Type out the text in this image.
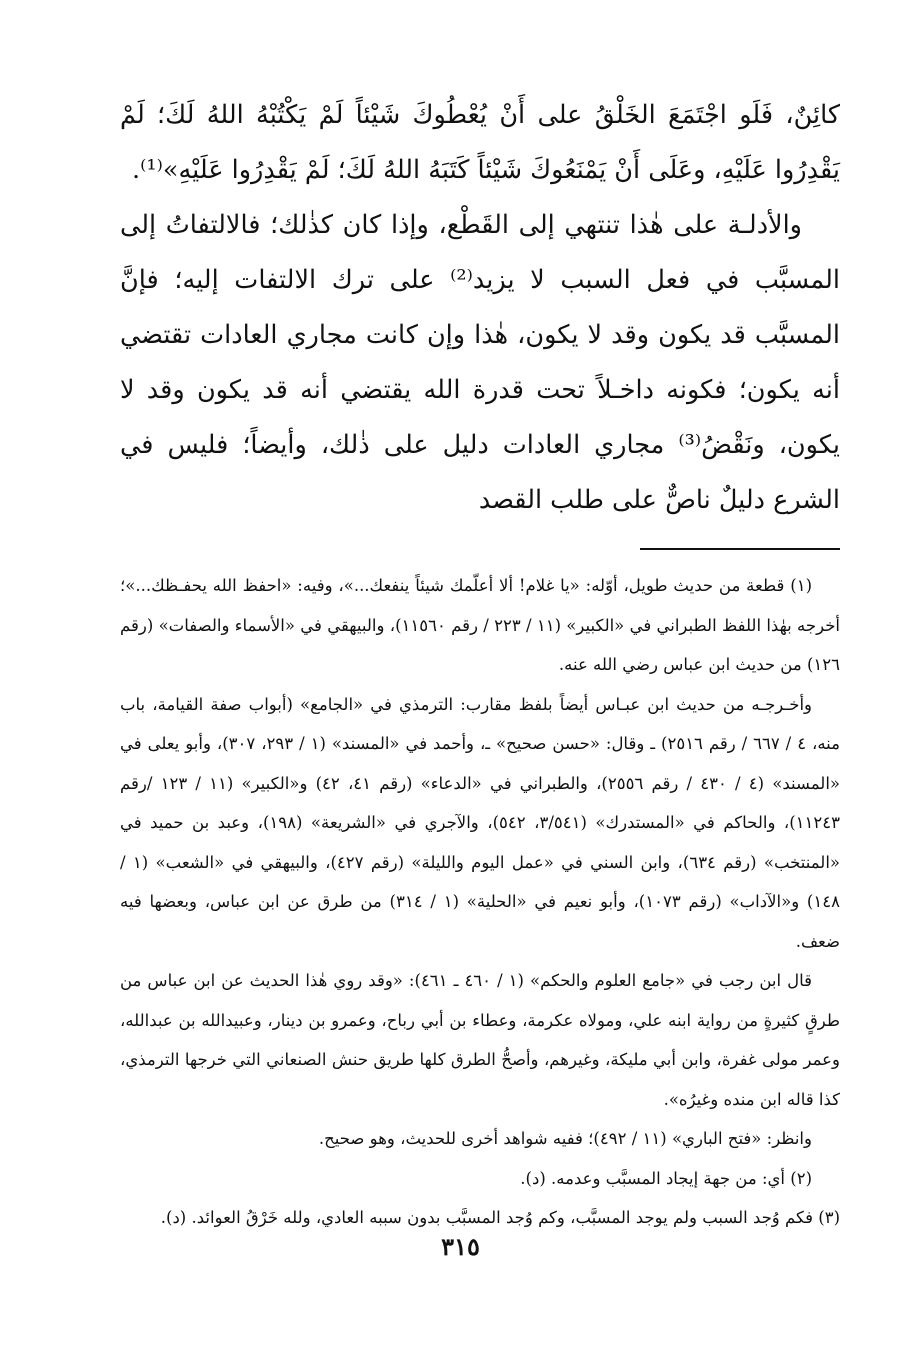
كائِنٌ، فَلَو اجْتَمَعَ الخَلْقُ على أَنْ يُعْطُوكَ شَيْئاً لَمْ يَكْتُبْهُ اللهُ لَكَ؛ لَمْ يَقْدِرُوا عَلَيْهِ، وعَلَى أَنْ يَمْنَعُوكَ شَيْئاً كَتَبَهُ اللهُ لَكَ؛ لَمْ يَقْدِرُوا عَلَيْهِ»⁽¹⁾.

والأدلـة على هٰذا تنتهي إلى القَطْع، وإذا كان كذٰلك؛ فالالتفاتُ إلى المسبَّب في فعل السبب لا يزيد⁽²⁾ على ترك الالتفات إليه؛ فإنَّ المسبَّب قد يكون وقد لا يكون، هٰذا وإن كانت مجاري العادات تقتضي أنه يكون؛ فكونه داخـلاً تحت قدرة الله يقتضي أنه قد يكون وقد لا يكون، ونَقْضُ⁽³⁾ مجاري العادات دليل على ذٰلك، وأيضاً؛ فليس في الشرع دليلٌ ناصٌّ على طلب القصد

(١) قطعة من حديث طويل، أوّله: «يا غلام! ألا أعلّمك شيئاً ينفعك...»، وفيه: «احفظ الله يحفـظك...»؛ أخرجه بهٰذا اللفظ الطبراني في «الكبير» (١١ / ٢٢٣ / رقم ١١٥٦٠)، والبيهقي في «الأسماء والصفات» (رقم ١٢٦) من حديث ابن عباس رضي الله عنه.

وأخـرجـه من حديث ابن عبـاس أيضاً بلفظ مقارب: الترمذي في «الجامع» (أبواب صفة القيامة، باب منه، ٤ / ٦٦٧ / رقم ٢٥١٦) ـ وقال: «حسن صحيح» ـ، وأحمد في «المسند» (١ / ٢٩٣، ٣٠٧)، وأبو يعلى في «المسند» (٤ / ٤٣٠ / رقم ٢٥٥٦)، والطبراني في «الدعاء» (رقم ٤١، ٤٢) و«الكبير» (١١ / ١٢٣ /رقم ١١٢٤٣)، والحاكم في «المستدرك» (٣/٥٤١، ٥٤٢)، والآجري في «الشريعة» (١٩٨)، وعبد بن حميد في «المنتخب» (رقم ٦٣٤)، وابن السني في «عمل اليوم والليلة» (رقم ٤٢٧)، والبيهقي في «الشعب» (١ / ١٤٨) و«الآداب» (رقم ١٠٧٣)، وأبو نعيم في «الحلية» (١ / ٣١٤) من طرق عن ابن عباس، وبعضها فيه ضعف.

قال ابن رجب في «جامع العلوم والحكم» (١ / ٤٦٠ ـ ٤٦١): «وقد روي هٰذا الحديث عن ابن عباس من طرقٍ كثيرةٍ من رواية ابنه علي، ومولاه عكرمة، وعطاء بن أبي رباح، وعمرو بن دينار، وعبيدالله بن عبدالله، وعمر مولى غفرة، وابن أبي مليكة، وغيرهم، وأصحُّ الطرق كلها طريق حنش الصنعاني التي خرجها الترمذي، كذا قاله ابن منده وغيرُه».

وانظر: «فتح الباري» (١١ / ٤٩٢)؛ ففيه شواهد أخرى للحديث، وهو صحيح.

(٢) أي: من جهة إيجاد المسبَّب وعدمه. (د).

(٣) فكم وُجد السبب ولم يوجد المسبَّب، وكم وُجد المسبَّب بدون سببه العادي، ولله خَرْقُ العوائد. (د).

٣١٥
